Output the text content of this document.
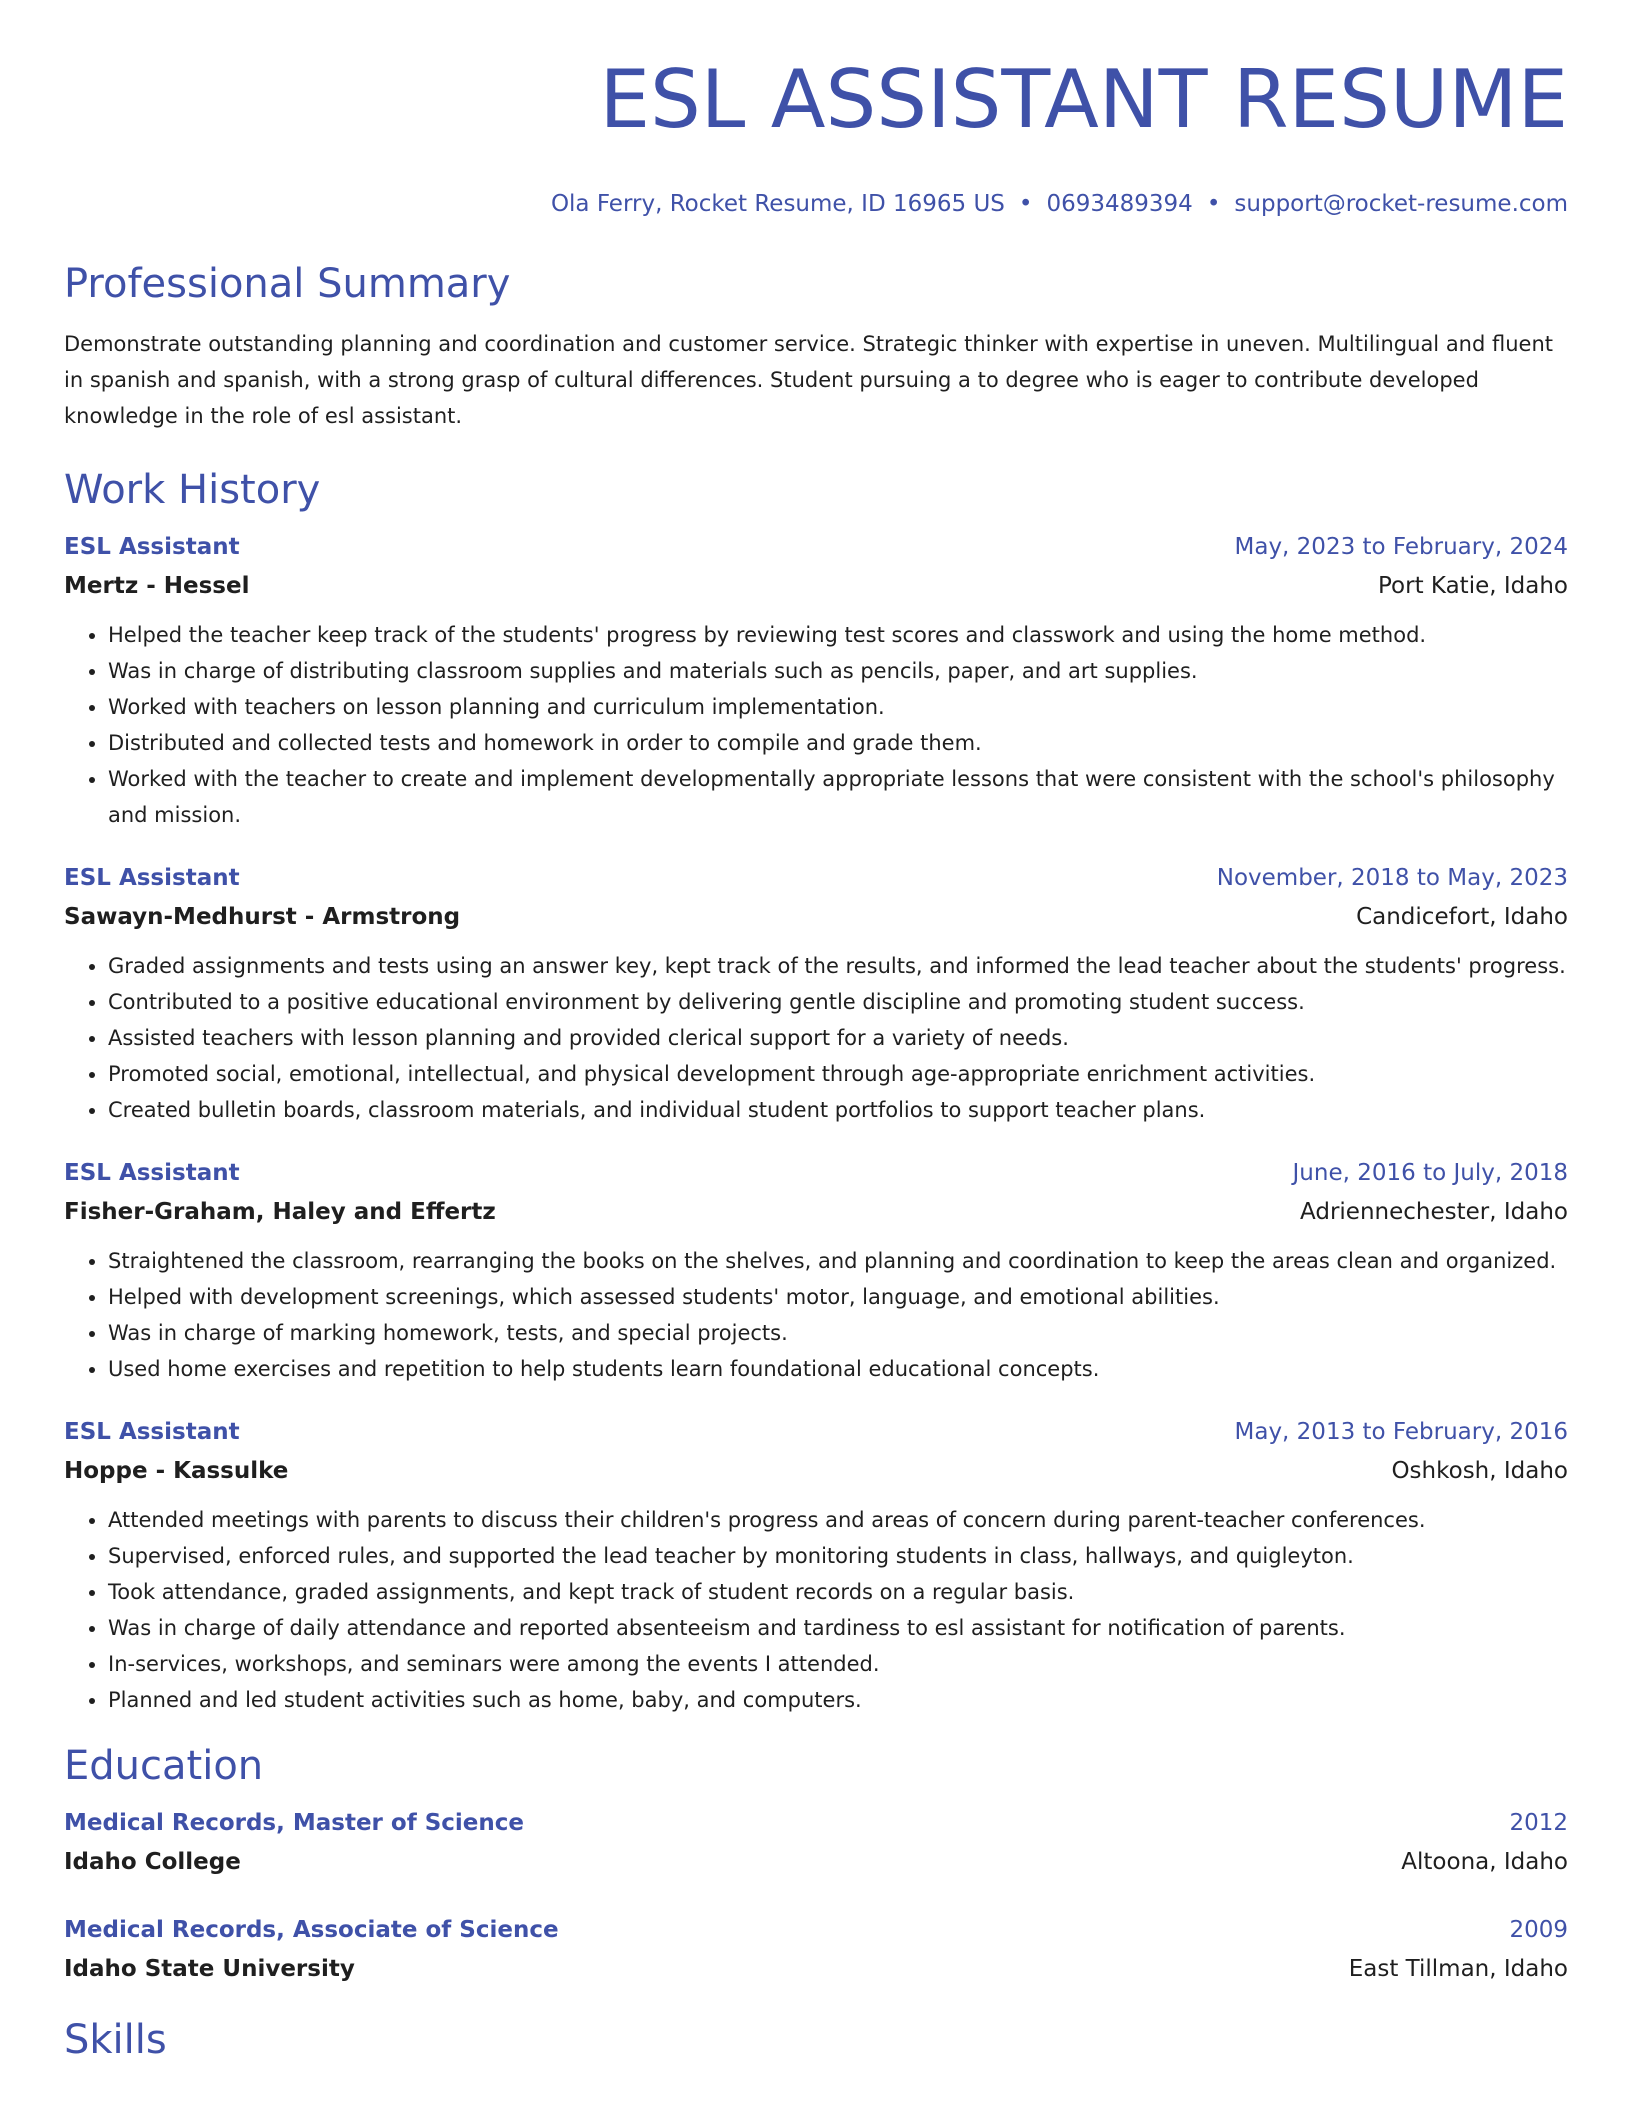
ESL ASSISTANT RESUME
Ola Ferry, Rocket Resume, ID 16965 US • 0693489394 • support@rocket-resume.com
Professional Summary

Demonstrate outstanding planning and coordination and customer service. Strategic thinker with expertise in uneven. Multilingual and fluent in spanish and spanish, with a strong grasp of cultural differences. Student pursuing a to degree who is eager to contribute developed knowledge in the role of esl assistant.

Work History
ESL Assistant	May, 2023 to February, 2024
Mertz - Hessel	Port Katie, Idaho
• Helped the teacher keep track of the students' progress by reviewing test scores and classwork and using the home method.
• Was in charge of distributing classroom supplies and materials such as pencils, paper, and art supplies.
• Worked with teachers on lesson planning and curriculum implementation.
• Distributed and collected tests and homework in order to compile and grade them.
• Worked with the teacher to create and implement developmentally appropriate lessons that were consistent with the school's philosophy and mission.
ESL Assistant	November, 2018 to May, 2023
Sawayn-Medhurst - Armstrong	Candicefort, Idaho
• Graded assignments and tests using an answer key, kept track of the results, and informed the lead teacher about the students' progress.
• Contributed to a positive educational environment by delivering gentle discipline and promoting student success.
• Assisted teachers with lesson planning and provided clerical support for a variety of needs.
• Promoted social, emotional, intellectual, and physical development through age-appropriate enrichment activities.
• Created bulletin boards, classroom materials, and individual student portfolios to support teacher plans.
ESL Assistant	June, 2016 to July, 2018
Fisher-Graham, Haley and Effertz	Adriennechester, Idaho
• Straightened the classroom, rearranging the books on the shelves, and planning and coordination to keep the areas clean and organized.
• Helped with development screenings, which assessed students' motor, language, and emotional abilities.
• Was in charge of marking homework, tests, and special projects.
• Used home exercises and repetition to help students learn foundational educational concepts.
ESL Assistant	May, 2013 to February, 2016
Hoppe - Kassulke	Oshkosh, Idaho
• Attended meetings with parents to discuss their children's progress and areas of concern during parent-teacher conferences.
• Supervised, enforced rules, and supported the lead teacher by monitoring students in class, hallways, and quigleyton.
• Took attendance, graded assignments, and kept track of student records on a regular basis.
• Was in charge of daily attendance and reported absenteeism and tardiness to esl assistant for notification of parents.
• In-services, workshops, and seminars were among the events I attended.
• Planned and led student activities such as home, baby, and computers.
Education
Medical Records, Master of Science	2012
Idaho College	Altoona, Idaho
Medical Records, Associate of Science	2009
Idaho State University	East Tillman, Idaho
Skills
